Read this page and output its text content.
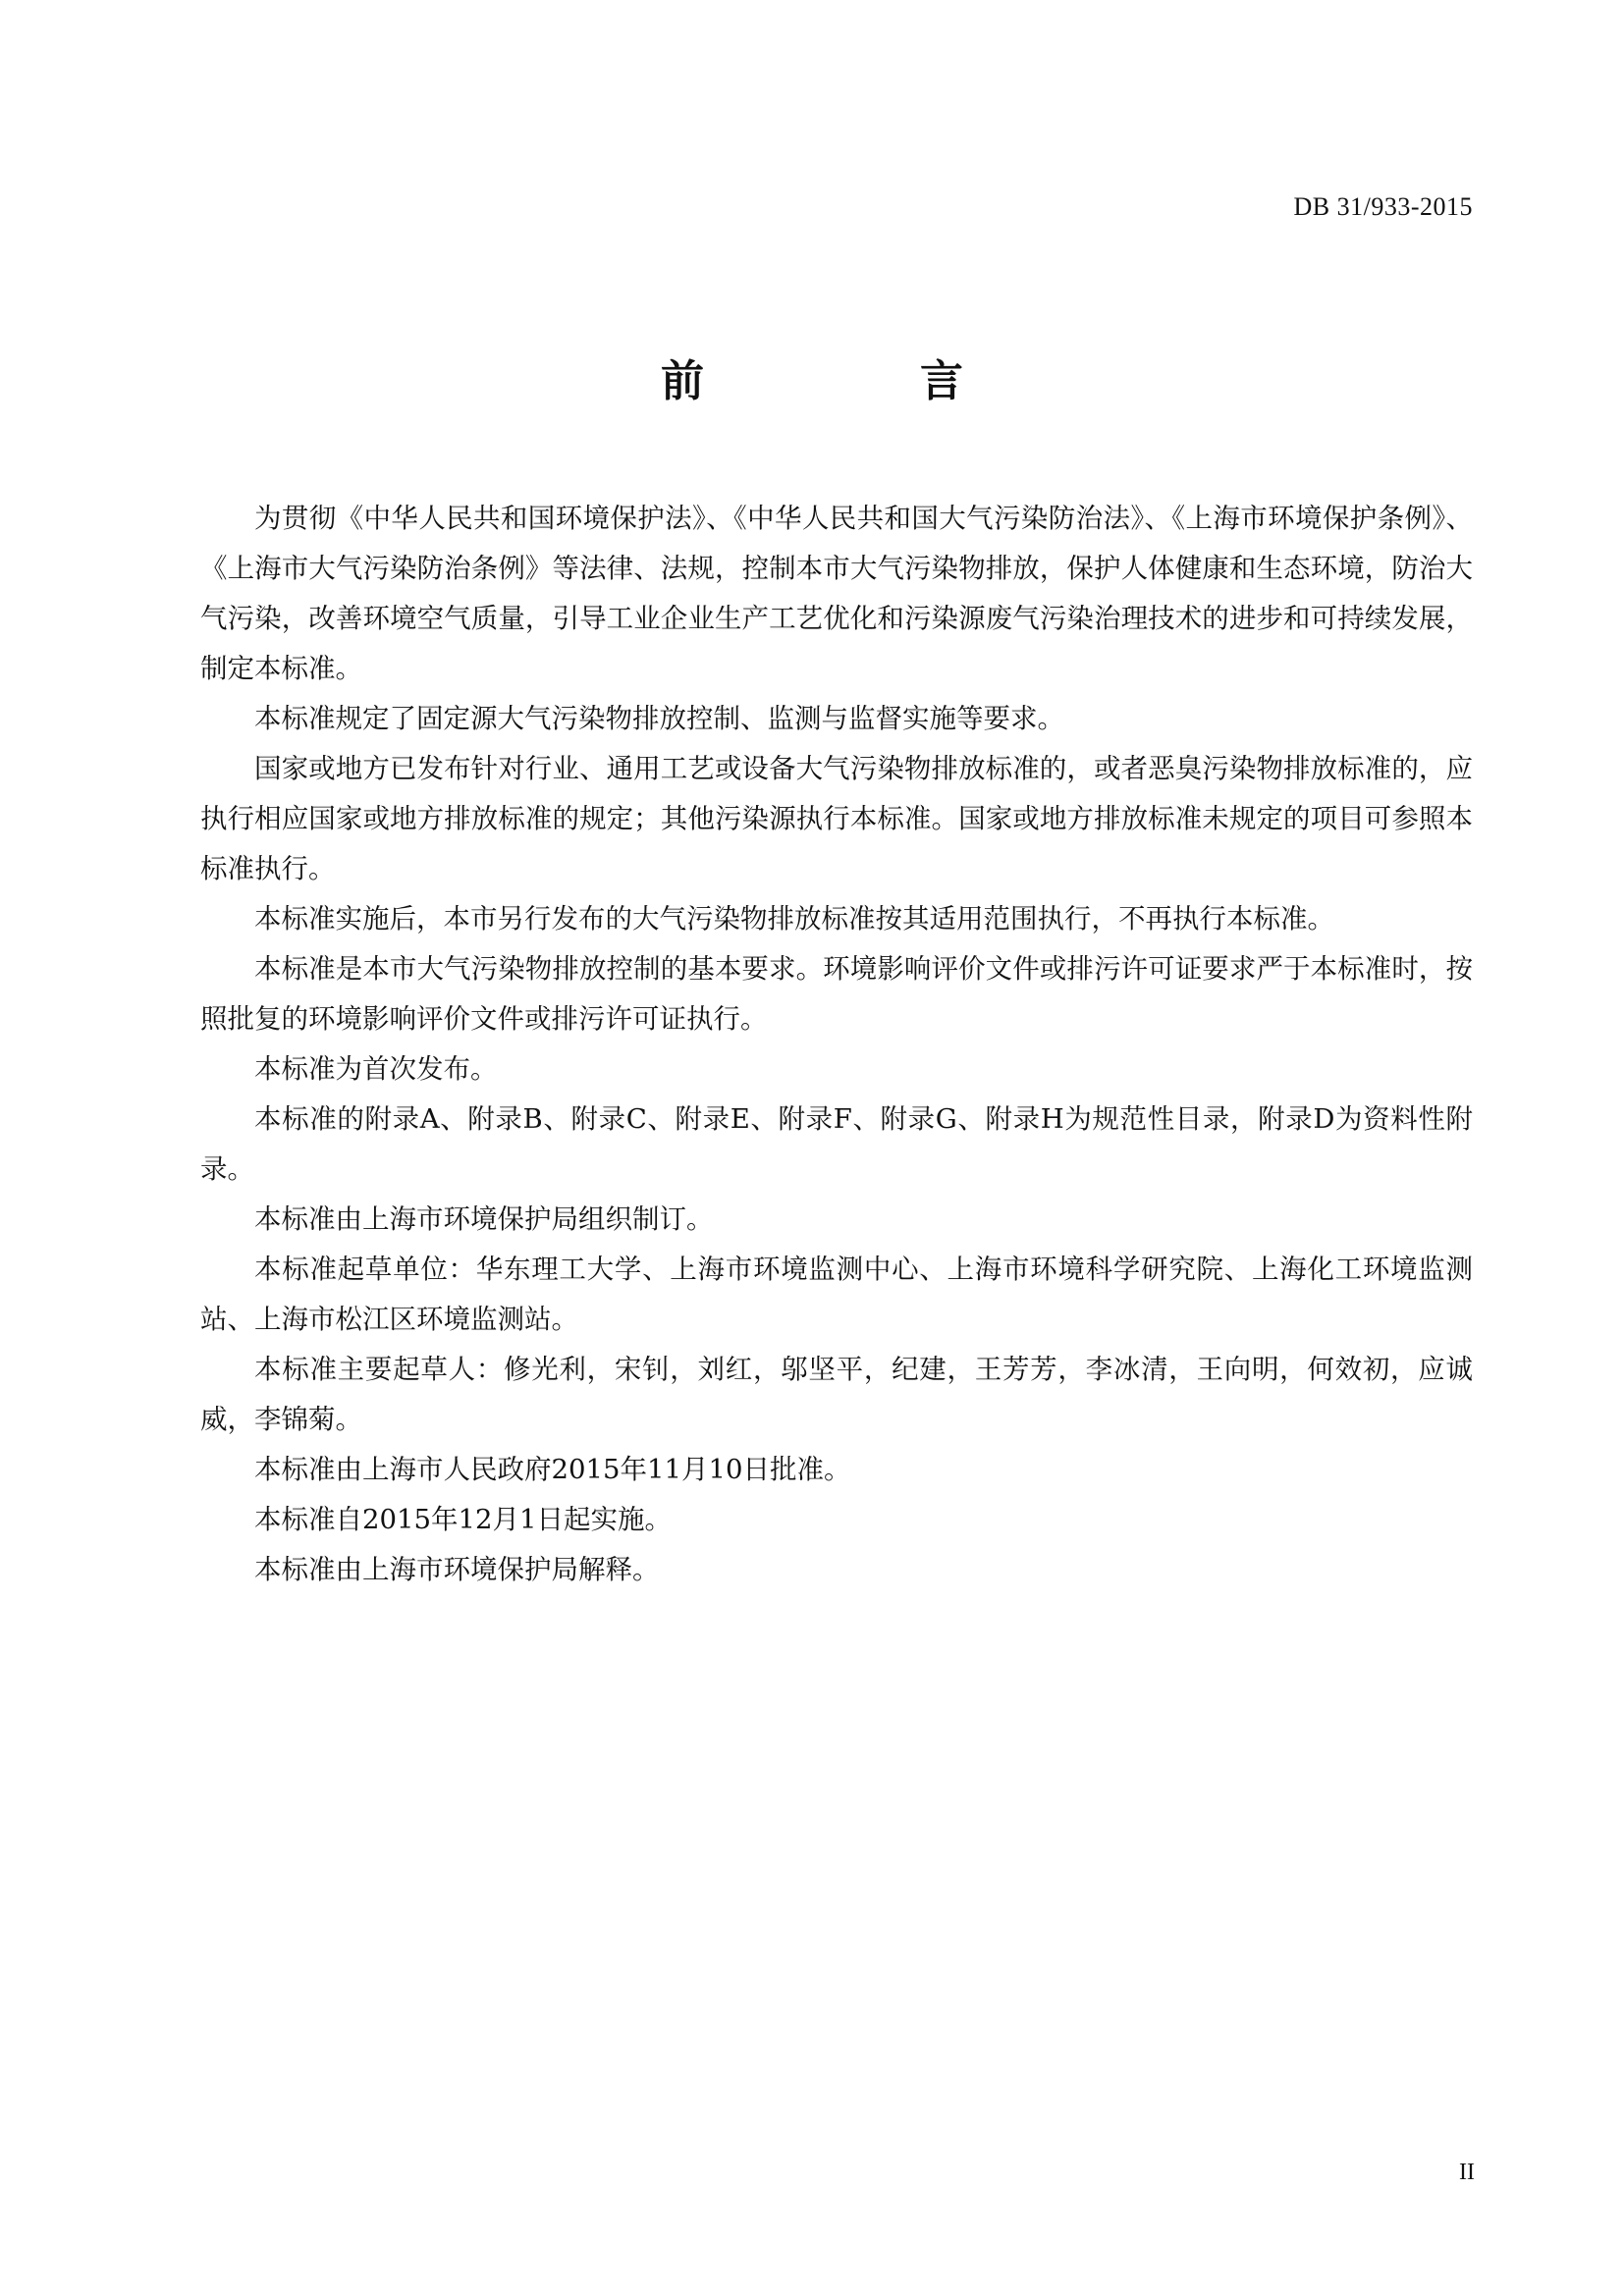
DB 31/933-2015
前　　言

为贯彻《中华人民共和国环境保护法》、《中华人民共和国大气污染防治法》、《上海市环境保护条例》、《上海市大气污染防治条例》等法律、法规，控制本市大气污染物排放，保护人体健康和生态环境，防治大气污染，改善环境空气质量，引导工业企业生产工艺优化和污染源废气污染治理技术的进步和可持续发展，制定本标准。

本标准规定了固定源大气污染物排放控制、监测与监督实施等要求。

国家或地方已发布针对行业、通用工艺或设备大气污染物排放标准的，或者恶臭污染物排放标准的，应执行相应国家或地方排放标准的规定；其他污染源执行本标准。国家或地方排放标准未规定的项目可参照本标准执行。

本标准实施后，本市另行发布的大气污染物排放标准按其适用范围执行，不再执行本标准。

本标准是本市大气污染物排放控制的基本要求。环境影响评价文件或排污许可证要求严于本标准时，按照批复的环境影响评价文件或排污许可证执行。

本标准为首次发布。

本标准的附录A、附录B、附录C、附录E、附录F、附录G、附录H为规范性目录，附录D为资料性附录。

本标准由上海市环境保护局组织制订。

本标准起草单位：华东理工大学、上海市环境监测中心、上海市环境科学研究院、上海化工环境监测站、上海市松江区环境监测站。

本标准主要起草人：修光利，宋钊，刘红，邬坚平，纪建，王芳芳，李冰清，王向明，何效初，应诚威，李锦菊。

本标准由上海市人民政府2015年11月10日批准。

本标准自2015年12月1日起实施。

本标准由上海市环境保护局解释。

II
